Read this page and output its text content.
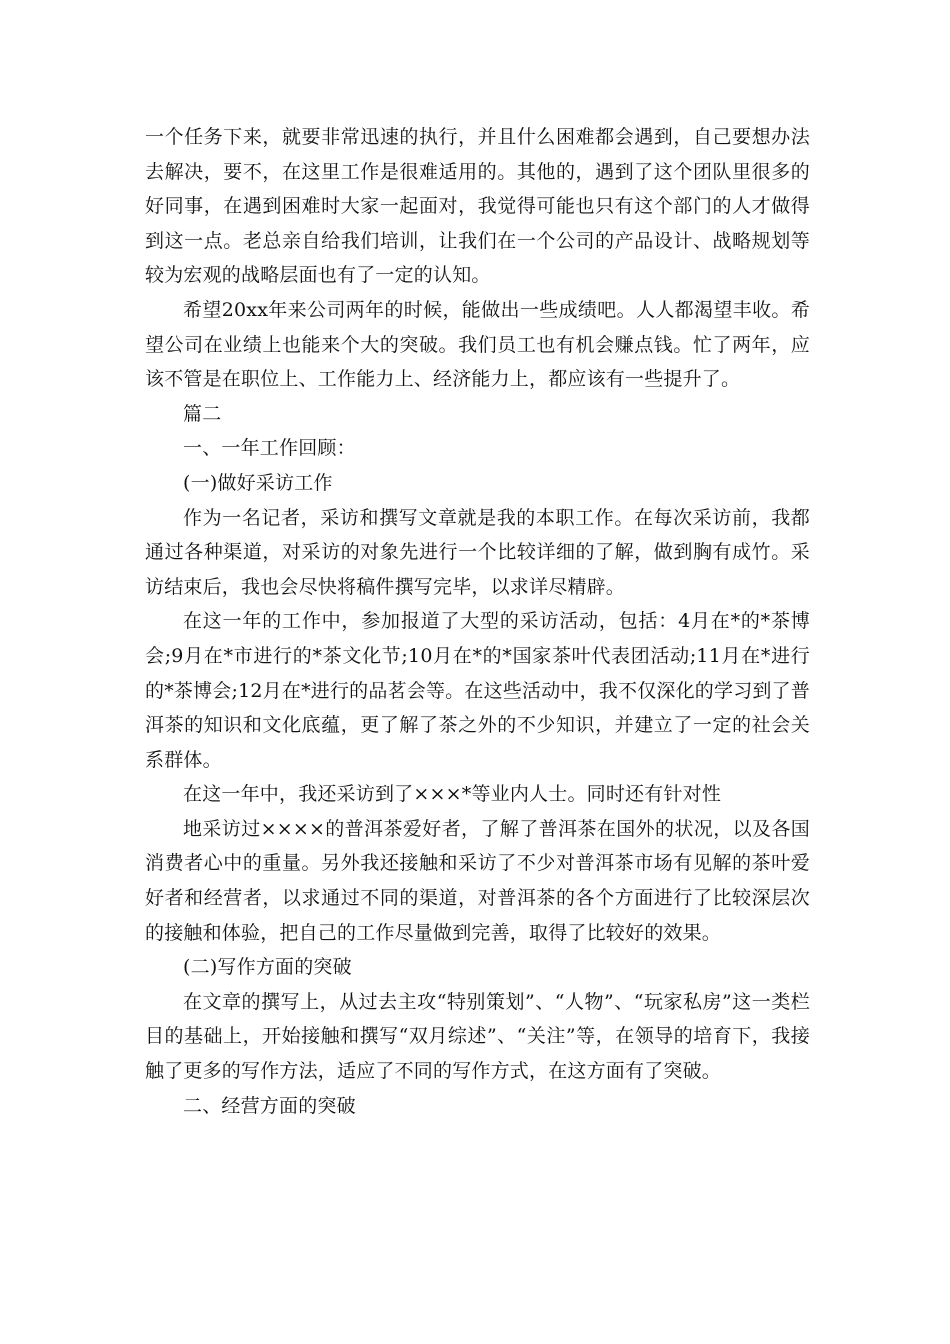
一个任务下来，就要非常迅速的执行，并且什么困难都会遇到，自己要想办法去解决，要不，在这里工作是很难适用的。其他的，遇到了这个团队里很多的好同事，在遇到困难时大家一起面对，我觉得可能也只有这个部门的人才做得到这一点。老总亲自给我们培训，让我们在一个公司的产品设计、战略规划等较为宏观的战略层面也有了一定的认知。

希望20xx年来公司两年的时候，能做出一些成绩吧。人人都渴望丰收。希望公司在业绩上也能来个大的突破。我们员工也有机会赚点钱。忙了两年，应该不管是在职位上、工作能力上、经济能力上，都应该有一些提升了。

篇二

一、一年工作回顾：

(一)做好采访工作

作为一名记者，采访和撰写文章就是我的本职工作。在每次采访前，我都通过各种渠道，对采访的对象先进行一个比较详细的了解，做到胸有成竹。采访结束后，我也会尽快将稿件撰写完毕，以求详尽精辟。

在这一年的工作中，参加报道了大型的采访活动，包括：4月在*的*茶博会;9月在*市进行的*茶文化节;10月在*的*国家茶叶代表团活动;11月在*进行的*茶博会;12月在*进行的品茗会等。在这些活动中，我不仅深化的学习到了普洱茶的知识和文化底蕴，更了解了茶之外的不少知识，并建立了一定的社会关系群体。

在这一年中，我还采访到了×××*等业内人士。同时还有针对性

地采访过××××的普洱茶爱好者，了解了普洱茶在国外的状况，以及各国消费者心中的重量。另外我还接触和采访了不少对普洱茶市场有见解的茶叶爱好者和经营者，以求通过不同的渠道，对普洱茶的各个方面进行了比较深层次的接触和体验，把自己的工作尽量做到完善，取得了比较好的效果。

(二)写作方面的突破

在文章的撰写上，从过去主攻“特别策划”、“人物”、“玩家私房”这一类栏目的基础上，开始接触和撰写“双月综述”、“关注”等，在领导的培育下，我接触了更多的写作方法，适应了不同的写作方式，在这方面有了突破。

二、经营方面的突破
